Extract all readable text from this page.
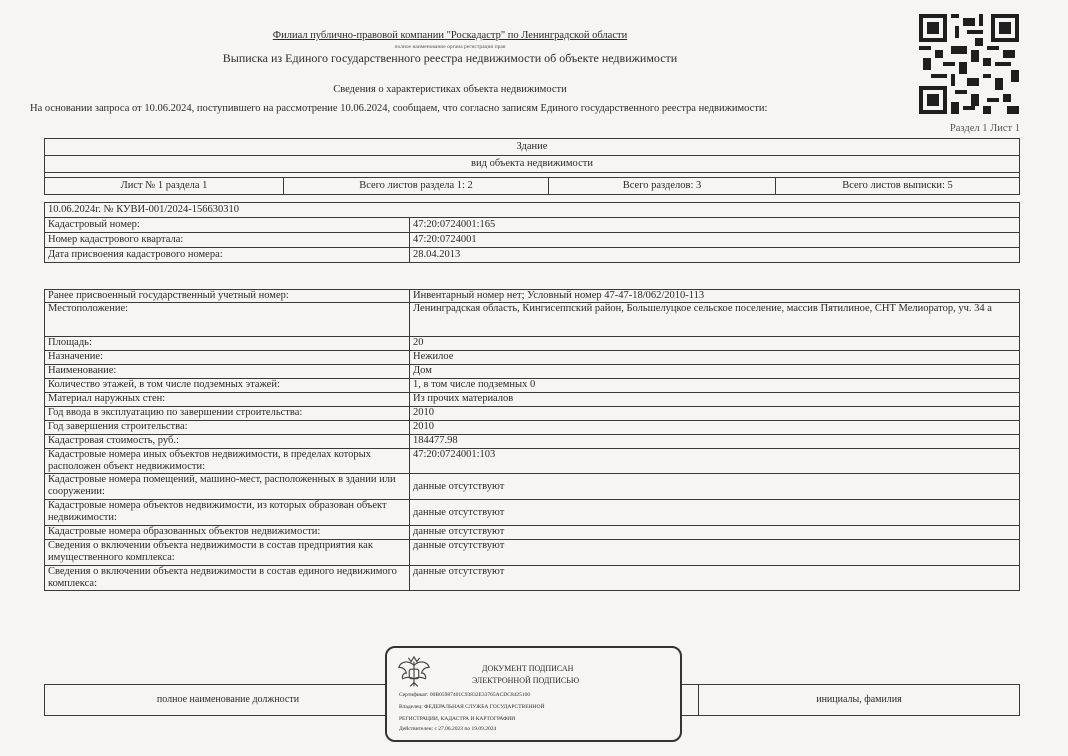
Филиал публично-правовой компании "Роскадастр" по Ленинградской области
полное наименование органа регистрации прав
Выписка из Единого государственного реестра недвижимости об объекте недвижимости
Сведения о характеристиках объекта недвижимости
На основании запроса от 10.06.2024, поступившего на рассмотрение 10.06.2024, сообщаем, что согласно записям Единого государственного реестра недвижимости:
Раздел 1 Лист 1
Здание
вид объекта недвижимости

Лист № 1 раздела 1	Всего листов раздела 1: 2	Всего разделов: 3	Всего листов выписки: 5
10.06.2024г. № КУВИ-001/2024-156630310	
Кадастровый номер:	47:20:0724001:165
Номер кадастрового квартала:	47:20:0724001
Дата присвоения кадастрового номера:	28.04.2013
Ранее присвоенный государственный учетный номер:	Инвентарный номер нет; Условный номер 47-47-18/062/2010-113
Местоположение:	Ленинградская область, Кингисеппский район, Большелуцкое сельское поселение, массив Пятилиное, СНТ Мелиоратор, уч. 34 а
Площадь:	20
Назначение:	Нежилое
Наименование:	Дом
Количество этажей, в том числе подземных этажей:	1, в том числе подземных 0
Материал наружных стен:	Из прочих материалов
Год ввода в эксплуатацию по завершении строительства:	2010
Год завершения строительства:	2010
Кадастровая стоимость, руб.:	184477.98
Кадастровые номера иных объектов недвижимости, в пределах которых расположен объект недвижимости:	47:20:0724001:103
Кадастровые номера помещений, машино-мест, расположенных в здании или сооружении:	данные отсутствуют
Кадастровые номера объектов недвижимости, из которых образован объект недвижимости:	данные отсутствуют
Кадастровые номера образованных объектов недвижимости:	данные отсутствуют
Сведения о включении объекта недвижимости в состав предприятия как имущественного комплекса:	данные отсутствуют
Сведения о включении объекта недвижимости в состав единого недвижимого комплекса:	данные отсутствуют
полное наименование должности		инициалы, фамилия
ДОКУМЕНТ ПОДПИСАН
ЭЛЕКТРОННОЙ ПОДПИСЬЮ
Сертификат: 00B05987401C93832E33765ACDC8425100
Владелец: ФЕДЕРАЛЬНАЯ СЛУЖБА ГОСУДАРСТВЕННОЙ
РЕГИСТРАЦИИ, КАДАСТРА И КАРТОГРАФИИ
Действителен: с 27.06.2023 по 19.09.2024
